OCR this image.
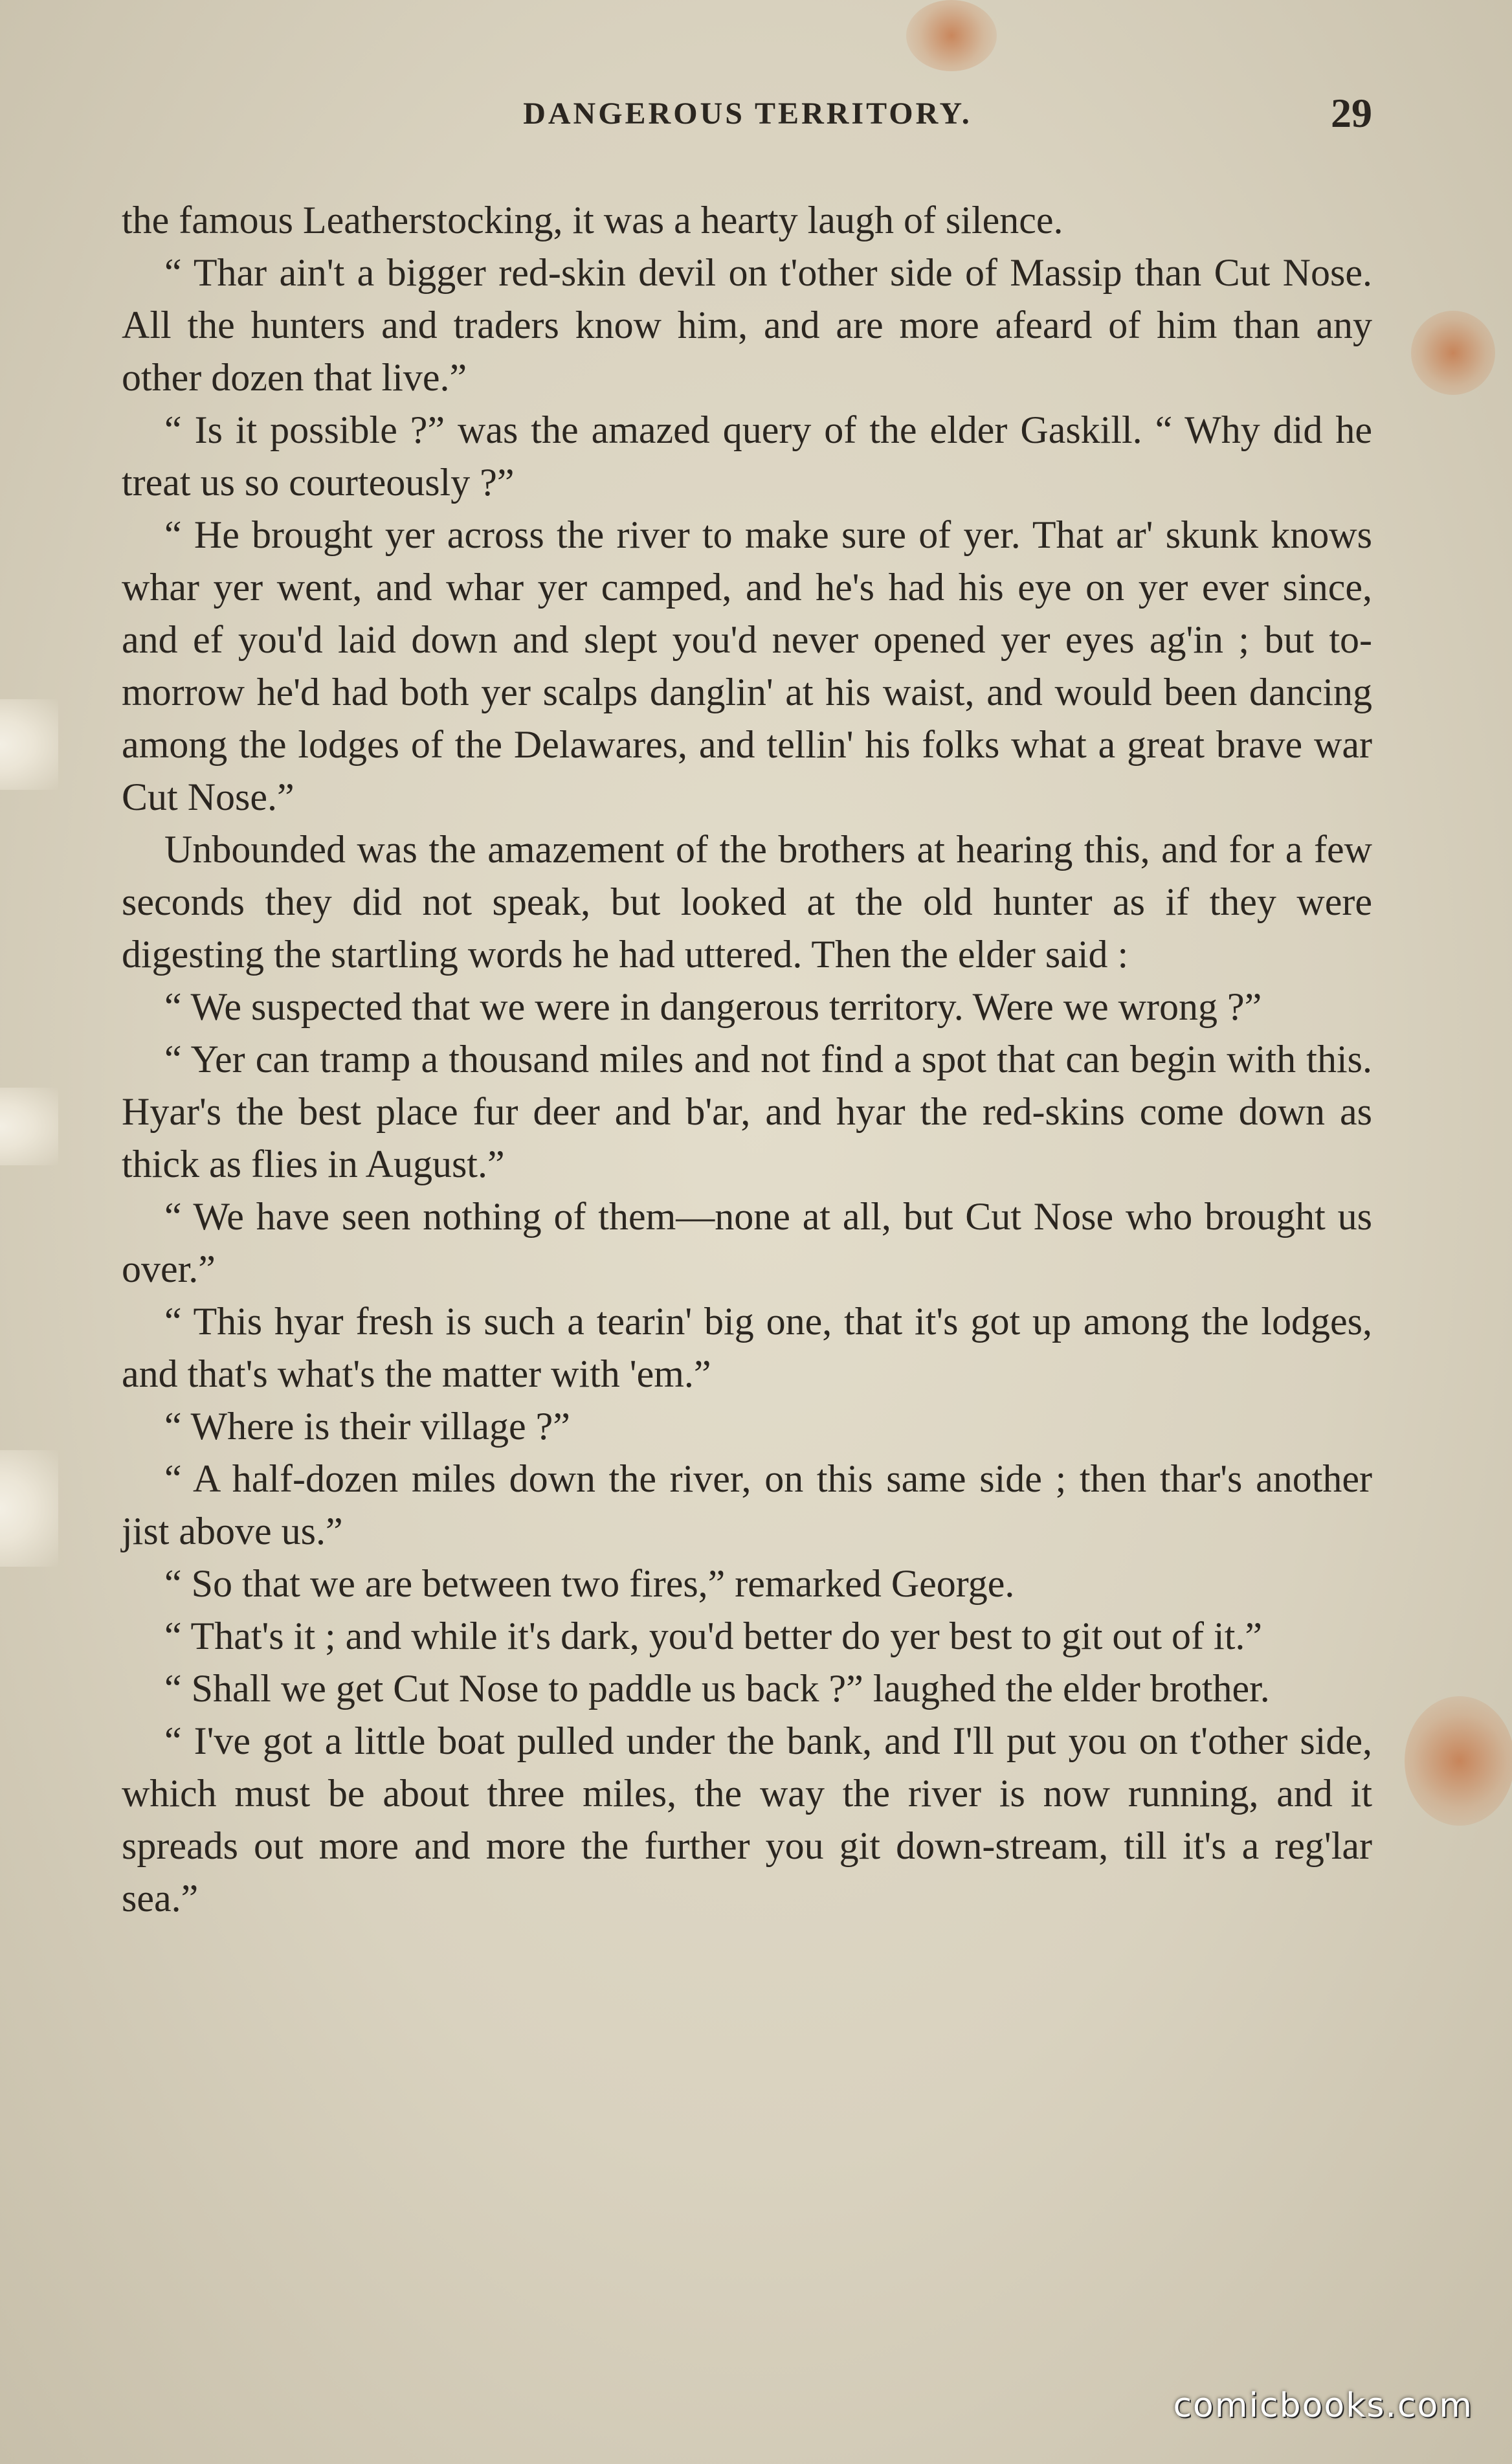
DANGEROUS TERRITORY.	29

the famous Leatherstocking, it was a hearty laugh of silence.

“ Thar ain't a bigger red-skin devil on t'other side of Massip than Cut Nose. All the hunters and traders know him, and are more afeard of him than any other dozen that live.”

“ Is it possible ?” was the amazed query of the elder Gaskill. “ Why did he treat us so courteously ?”

“ He brought yer across the river to make sure of yer. That ar' skunk knows whar yer went, and whar yer camped, and he's had his eye on yer ever since, and ef you'd laid down and slept you'd never opened yer eyes ag'in ; but to-morrow he'd had both yer scalps danglin' at his waist, and would been dancing among the lodges of the Delawares, and tellin' his folks what a great brave war Cut Nose.”

Unbounded was the amazement of the brothers at hearing this, and for a few seconds they did not speak, but looked at the old hunter as if they were digesting the startling words he had uttered. Then the elder said :

“ We suspected that we were in dangerous territory. Were we wrong ?”

“ Yer can tramp a thousand miles and not find a spot that can begin with this. Hyar's the best place fur deer and b'ar, and hyar the red-skins come down as thick as flies in August.”

“ We have seen nothing of them—none at all, but Cut Nose who brought us over.”

“ This hyar fresh is such a tearin' big one, that it's got up among the lodges, and that's what's the matter with 'em.”

“ Where is their village ?”

“ A half-dozen miles down the river, on this same side ; then thar's another jist above us.”

“ So that we are between two fires,” remarked George.

“ That's it ; and while it's dark, you'd better do yer best to git out of it.”

“ Shall we get Cut Nose to paddle us back ?” laughed the elder brother.

“ I've got a little boat pulled under the bank, and I'll put you on t'other side, which must be about three miles, the way the river is now running, and it spreads out more and more the further you git down-stream, till it's a reg'lar sea.”

comicbooks.com
